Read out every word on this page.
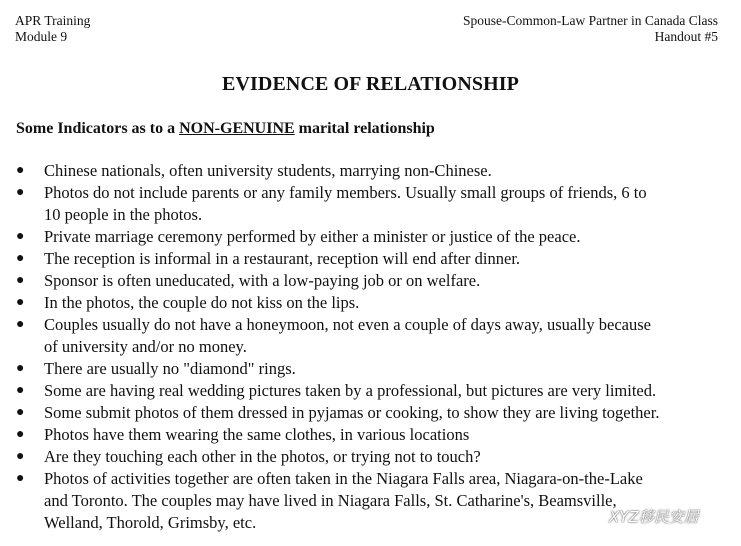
APR Training
Module 9
Spouse-Common-Law Partner in Canada Class
Handout #5
EVIDENCE OF RELATIONSHIP
Some Indicators as to a NON-GENUINE marital relationship
● Chinese nationals, often university students, marrying non-Chinese.
● Photos do not include parents or any family members. Usually small groups of friends, 6 to
10 people in the photos.
● Private marriage ceremony performed by either a minister or justice of the peace.
● The reception is informal in a restaurant, reception will end after dinner.
● Sponsor is often uneducated, with a low-paying job or on welfare.
● In the photos, the couple do not kiss on the lips.
● Couples usually do not have a honeymoon, not even a couple of days away, usually because
of university and/or no money.
● There are usually no "diamond" rings.
● Some are having real wedding pictures taken by a professional, but pictures are very limited.
● Some submit photos of them dressed in pyjamas or cooking, to show they are living together.
● Photos have them wearing the same clothes, in various locations
● Are they touching each other in the photos, or trying not to touch?
● Photos of activities together are often taken in the Niagara Falls area, Niagara-on-the-Lake
and Toronto. The couples may have lived in Niagara Falls, St. Catharine's, Beamsville,
Welland, Thorold, Grimsby, etc.	XYZ移民安居
